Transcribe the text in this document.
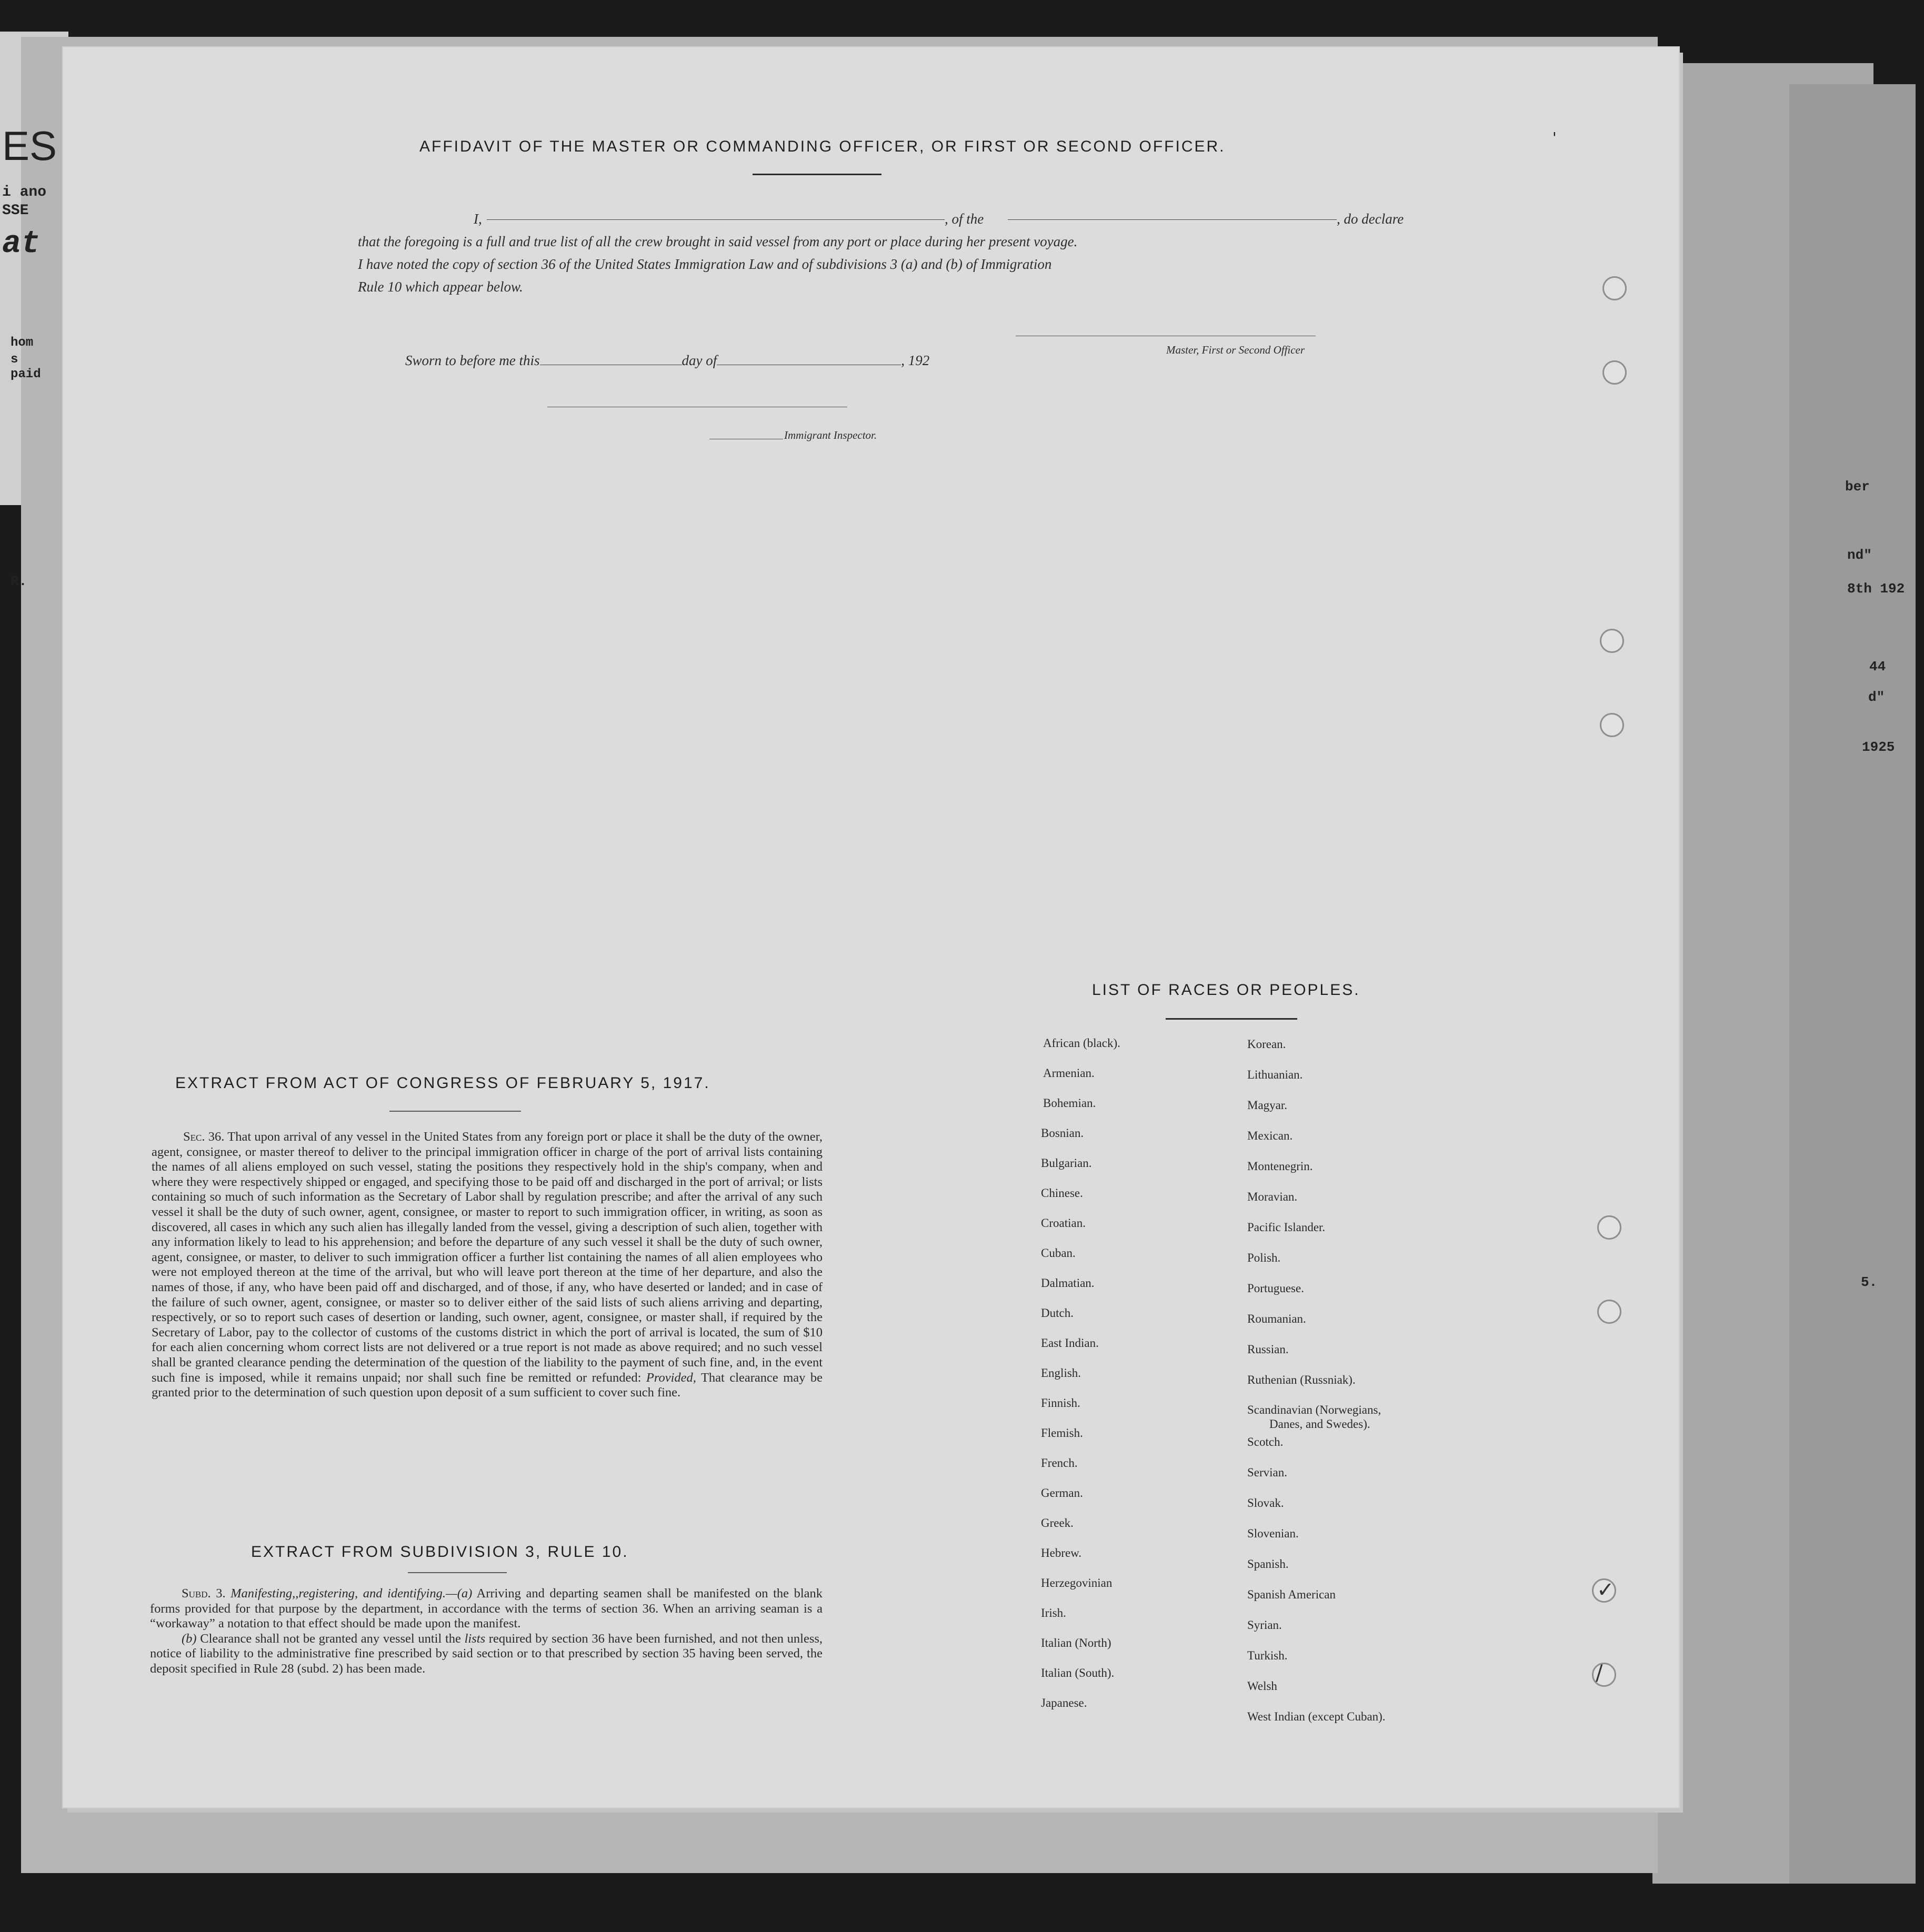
ES
i ano
SSE
at
hom
s
paid
R.
ber
nd"
8th 192
44
d"
1925
5.
✓
/
'
AFFIDAVIT OF THE MASTER OR COMMANDING OFFICER, OR FIRST OR SECOND OFFICER.
I,	, of the	, do declare
that the foregoing is a full and true list of all the crew brought in said vessel from any port or place during her present voyage.
I have noted the copy of section 36 of the United States Immigration Law and of subdivisions 3 (a) and (b) of Immigration
Rule 10 which appear below.
Master, First or Second Officer
Sworn to before me this	day of	, 192
Immigrant Inspector.
EXTRACT FROM ACT OF CONGRESS OF FEBRUARY 5, 1917.

Sec. 36. That upon arrival of any vessel in the United States from any foreign port or place it shall be the duty of the owner, agent, consignee, or master thereof to deliver to the principal immigration officer in charge of the port of arrival lists containing the names of all aliens employed on such vessel, stating the positions they respectively hold in the ship's company, when and where they were respectively shipped or engaged, and specifying those to be paid off and discharged in the port of arrival; or lists containing so much of such information as the Secretary of Labor shall by regulation prescribe; and after the arrival of any such vessel it shall be the duty of such owner, agent, consignee, or master to report to such immigration officer, in writing, as soon as discovered, all cases in which any such alien has illegally landed from the vessel, giving a description of such alien, together with any information likely to lead to his apprehension; and before the departure of any such vessel it shall be the duty of such owner, agent, consignee, or master, to deliver to such immigration officer a further list containing the names of all alien employees who were not employed thereon at the time of the arrival, but who will leave port thereon at the time of her departure, and also the names of those, if any, who have been paid off and discharged, and of those, if any, who have deserted or landed; and in case of the failure of such owner, agent, consignee, or master so to deliver either of the said lists of such aliens arriving and departing, respectively, or so to report such cases of desertion or landing, such owner, agent, consignee, or master shall, if required by the Secretary of Labor, pay to the collector of customs of the customs district in which the port of arrival is located, the sum of $10 for each alien concerning whom correct lists are not delivered or a true report is not made as above required; and no such vessel shall be granted clearance pending the determination of the question of the liability to the payment of such fine, and, in the event such fine is imposed, while it remains unpaid; nor shall such fine be remitted or refunded: Provided, That clearance may be granted prior to the determination of such question upon deposit of a sum sufficient to cover such fine.

EXTRACT FROM SUBDIVISION 3, RULE 10.

Subd. 3. Manifesting,,registering, and identifying.—(a) Arriving and departing seamen shall be manifested on the blank forms provided for that purpose by the department, in accordance with the terms of section 36. When an arriving seaman is a “workaway” a notation to that effect should be made upon the manifest.

(b) Clearance shall not be granted any vessel until the lists required by section 36 have been furnished, and not then unless, notice of liability to the administrative fine prescribed by said section or to that prescribed by section 35 having been served, the deposit specified in Rule 28 (subd. 2) has been made.

LIST OF RACES OR PEOPLES.
African (black).
Armenian.
Bohemian.
Bosnian.
Bulgarian.
Chinese.
Croatian.
Cuban.
Dalmatian.
Dutch.
East Indian.
English.
Finnish.
Flemish.
French.
German.
Greek.
Hebrew.
Herzegovinian
Irish.
Italian (North)
Italian (South).
Japanese.
Korean.
Lithuanian.
Magyar.
Mexican.
Montenegrin.
Moravian.
Pacific Islander.
Polish.
Portuguese.
Roumanian.
Russian.
Ruthenian (Russniak).
Scandinavian (Norwegians,
Danes, and Swedes).
Scotch.
Servian.
Slovak.
Slovenian.
Spanish.
Spanish American
Syrian.
Turkish.
Welsh
West Indian (except Cuban).
